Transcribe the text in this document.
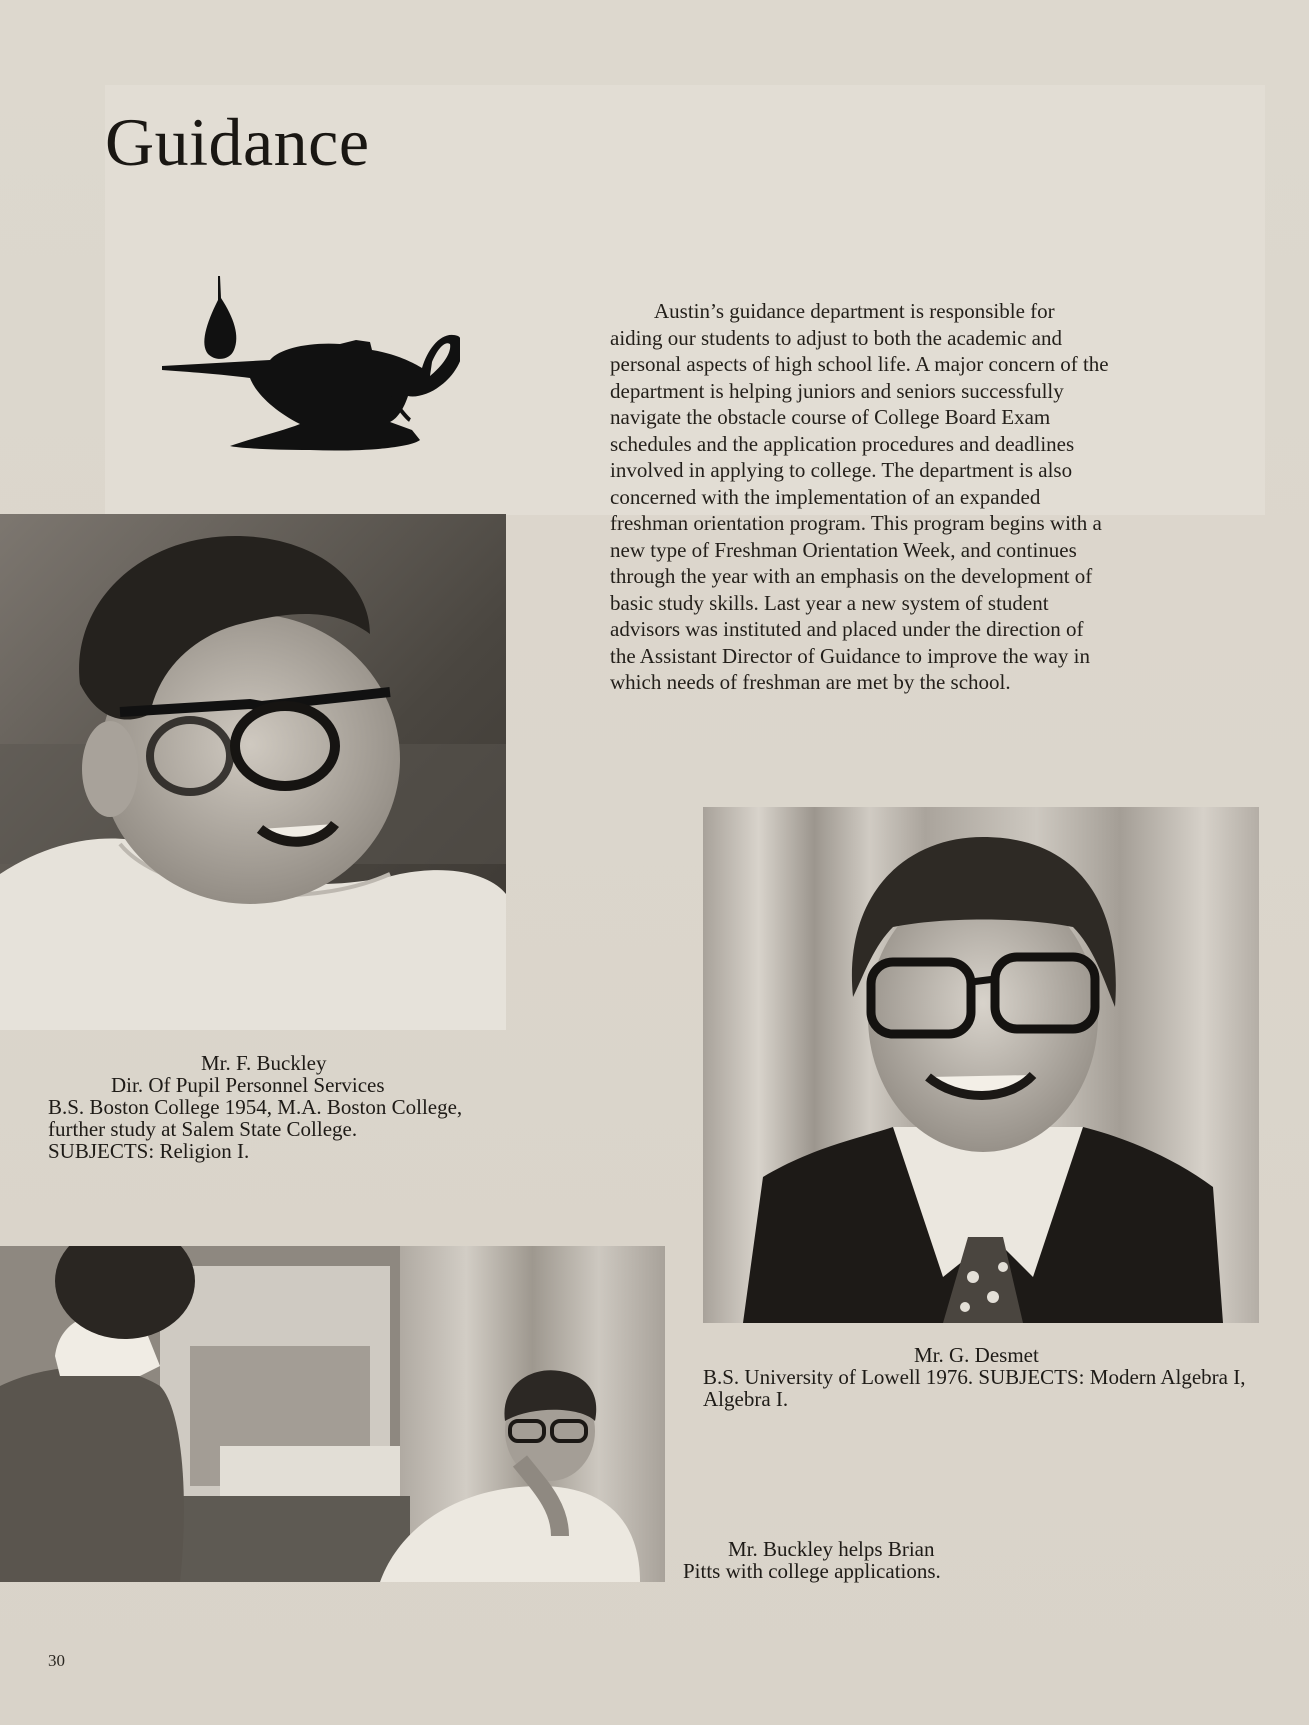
Guidance

Austin’s guidance department is responsible for aiding our students to adjust to both the academic and personal aspects of high school life. A major concern of the department is helping juniors and seniors successfully navigate the obstacle course of College Board Exam schedules and the application procedures and deadlines involved in applying to college. The department is also concerned with the implementation of an expanded freshman orientation program. This program begins with a new type of Freshman Orientation Week, and continues through the year with an emphasis on the development of basic study skills. Last year a new system of student advisors was instituted and placed under the direction of the Assistant Director of Guidance to improve the way in which needs of freshman are met by the school.

Mr. F. Buckley
Dir. Of Pupil Personnel Services
B.S. Boston College 1954, M.A. Boston College, further study at Salem State College. SUBJECTS: Religion I.
Mr. G. Desmet
B.S. University of Lowell 1976. SUBJECTS: Modern Algebra I, Algebra I.
Mr. Buckley helps Brian
Pitts with college applications.
30
